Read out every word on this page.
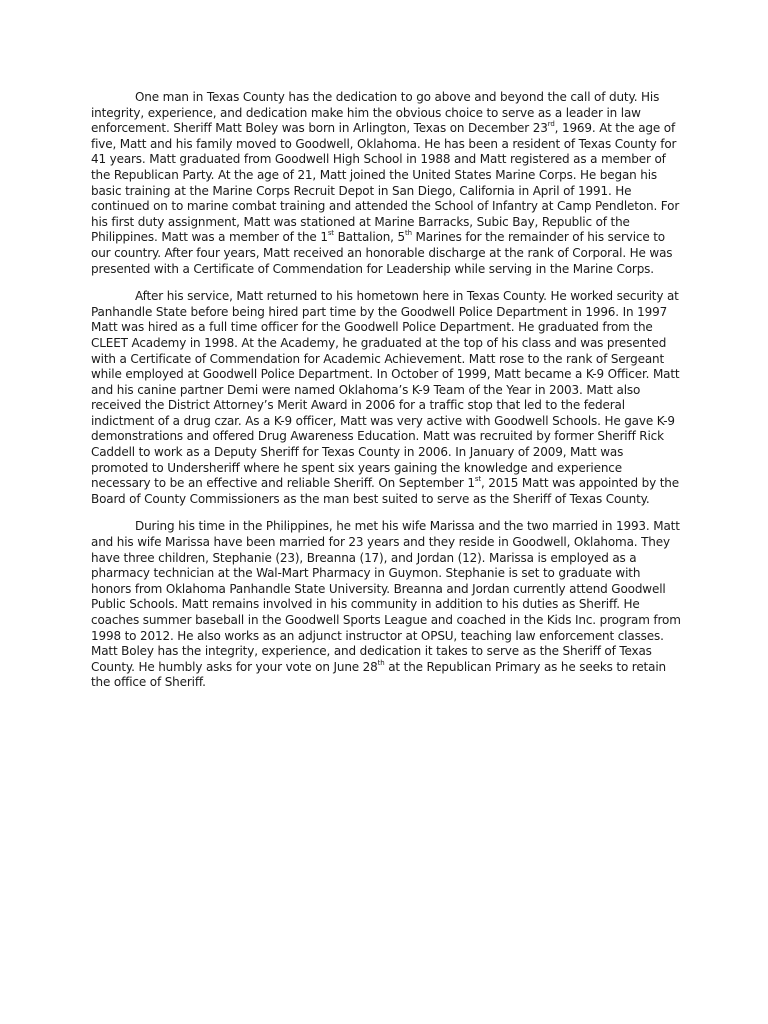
One man in Texas County has the dedication to go above and beyond the call of duty. His integrity, experience, and dedication make him the obvious choice to serve as a leader in law enforcement. Sheriff Matt Boley was born in Arlington, Texas on December 23rd, 1969. At the age of five, Matt and his family moved to Goodwell, Oklahoma. He has been a resident of Texas County for 41 years. Matt graduated from Goodwell High School in 1988 and Matt registered as a member of the Republican Party. At the age of 21, Matt joined the United States Marine Corps. He began his basic training at the Marine Corps Recruit Depot in San Diego, California in April of 1991. He continued on to marine combat training and attended the School of Infantry at Camp Pendleton. For his first duty assignment, Matt was stationed at Marine Barracks, Subic Bay, Republic of the Philippines. Matt was a member of the 1st Battalion, 5th Marines for the remainder of his service to our country. After four years, Matt received an honorable discharge at the rank of Corporal. He was presented with a Certificate of Commendation for Leadership while serving in the Marine Corps.

After his service, Matt returned to his hometown here in Texas County. He worked security at Panhandle State before being hired part time by the Goodwell Police Department in 1996. In 1997 Matt was hired as a full time officer for the Goodwell Police Department. He graduated from the CLEET Academy in 1998. At the Academy, he graduated at the top of his class and was presented with a Certificate of Commendation for Academic Achievement. Matt rose to the rank of Sergeant while employed at Goodwell Police Department. In October of 1999, Matt became a K-9 Officer. Matt and his canine partner Demi were named Oklahoma’s K-9 Team of the Year in 2003. Matt also received the District Attorney’s Merit Award in 2006 for a traffic stop that led to the federal indictment of a drug czar. As a K-9 officer, Matt was very active with Goodwell Schools. He gave K-9 demonstrations and offered Drug Awareness Education. Matt was recruited by former Sheriff Rick Caddell to work as a Deputy Sheriff for Texas County in 2006. In January of 2009, Matt was promoted to Undersheriff where he spent six years gaining the knowledge and experience necessary to be an effective and reliable Sheriff. On September 1st, 2015 Matt was appointed by the Board of County Commissioners as the man best suited to serve as the Sheriff of Texas County.

During his time in the Philippines, he met his wife Marissa and the two married in 1993. Matt and his wife Marissa have been married for 23 years and they reside in Goodwell, Oklahoma. They have three children, Stephanie (23), Breanna (17), and Jordan (12). Marissa is employed as a pharmacy technician at the Wal-Mart Pharmacy in Guymon. Stephanie is set to graduate with honors from Oklahoma Panhandle State University. Breanna and Jordan currently attend Goodwell Public Schools. Matt remains involved in his community in addition to his duties as Sheriff. He coaches summer baseball in the Goodwell Sports League and coached in the Kids Inc. program from 1998 to 2012. He also works as an adjunct instructor at OPSU, teaching law enforcement classes. Matt Boley has the integrity, experience, and dedication it takes to serve as the Sheriff of Texas County. He humbly asks for your vote on June 28th at the Republican Primary as he seeks to retain the office of Sheriff.
